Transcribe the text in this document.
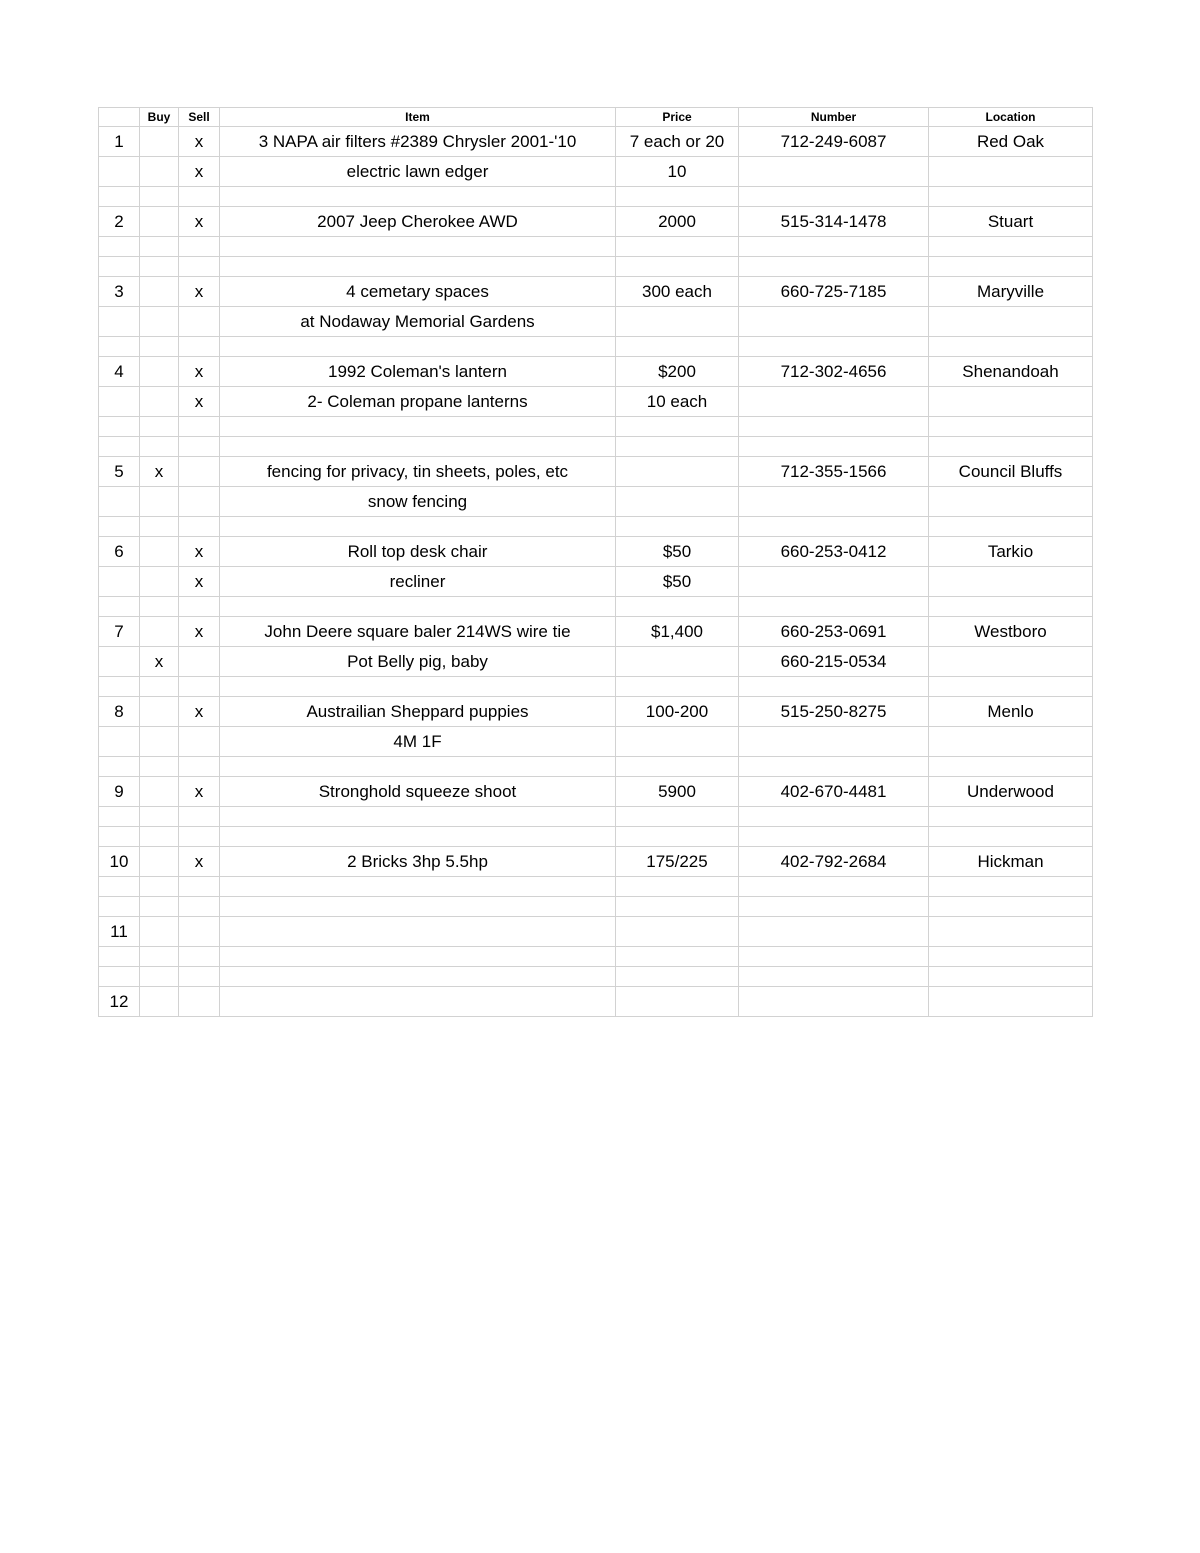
	Buy	Sell	Item	Price	Number	Location
1		x	3 NAPA air filters #2389 Chrysler 2001-'10	7 each or 20	712-249-6087	Red Oak
		x	electric lawn edger	10		

2		x	2007 Jeep Cherokee AWD	2000	515-314-1478	Stuart

3		x	4 cemetary spaces	300 each	660-725-7185	Maryville
			at Nodaway Memorial Gardens			

4		x	1992 Coleman's lantern	$200	712-302-4656	Shenandoah
		x	2- Coleman propane lanterns	10 each		

5	x		fencing for privacy, tin sheets, poles, etc		712-355-1566	Council Bluffs
			snow fencing			

6		x	Roll top desk chair	$50	660-253-0412	Tarkio
		x	recliner	$50		

7		x	John Deere square baler 214WS wire tie	$1,400	660-253-0691	Westboro
	x		Pot Belly pig, baby		660-215-0534	

8		x	Austrailian Sheppard puppies	100-200	515-250-8275	Menlo
			4M 1F			

9		x	Stronghold squeeze shoot	5900	402-670-4481	Underwood

10		x	2 Bricks 3hp 5.5hp	175/225	402-792-2684	Hickman

11						

12						
